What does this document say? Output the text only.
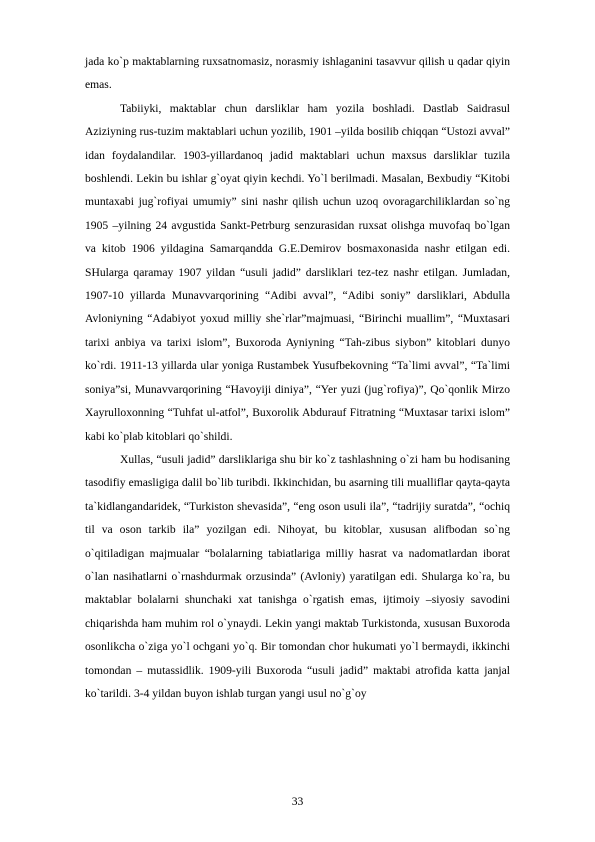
jada ko`p maktablarning ruxsatnomasiz, norasmiy ishlaganini tasavvur qilish u qadar qiyin emas.

Tabiiyki, maktablar chun darsliklar ham yozila boshladi. Dastlab Saidrasul Aziziyning rus-tuzim maktablari uchun yozilib, 1901 –yilda bosilib chiqqan “Ustozi avval” idan foydalandilar. 1903-yillardanoq jadid maktablari uchun maxsus darsliklar tuzila boshlendi. Lekin bu ishlar g`oyat qiyin kechdi. Yo`l berilmadi. Masalan, Bexbudiy “Kitobi muntaxabi jug`rofiyai umumiy” sini nashr qilish uchun uzoq ovoragarchiliklardan so`ng 1905 –yilning 24 avgustida Sankt-Petrburg senzurasidan ruxsat olishga muvofaq bo`lgan va kitob 1906 yildagina Samarqandda G.E.Demirov bosmaxonasida nashr etilgan edi. SHularga qaramay 1907 yildan “usuli jadid” darsliklari tez-tez nashr etilgan. Jumladan, 1907-10 yillarda Munavvarqorining “Adibi avval”, “Adibi soniy” darsliklari, Abdulla Avloniyning “Adabiyot yoxud milliy she`rlar”majmuasi, “Birinchi muallim”, “Muxtasari tarixi anbiya va tarixi islom”, Buxoroda Ayniyning “Tah-zibus siybon” kitoblari dunyo ko`rdi. 1911-13 yillarda ular yoniga Rustambek Yusufbekovning “Ta`limi avval”, “Ta`limi soniya”si, Munavvarqorining “Havoyiji diniya”, “Yer yuzi (jug`rofiya)”, Qo`qonlik Mirzo Xayrulloxonning “Tuhfat ul-atfol”, Buxorolik Abdurauf Fitratning “Muxtasar tarixi islom” kabi ko`plab kitoblari qo`shildi.

Xullas, “usuli jadid” darsliklariga shu bir ko`z tashlashning o`zi ham bu hodisaning tasodifiy emasligiga dalil bo`lib turibdi. Ikkinchidan, bu asarning tili mualliflar qayta-qayta ta`kidlangandaridek, “Turkiston shevasida”, “eng oson usuli ila”, “tadrijiy suratda”, “ochiq til va oson tarkib ila” yozilgan edi. Nihoyat, bu kitoblar, xususan alifbodan so`ng o`qitiladigan majmualar “bolalarning tabiatlariga milliy hasrat va nadomatlardan iborat o`lan nasihatlarni o`rnashdurmak orzusinda” (Avloniy) yaratilgan edi. Shularga ko`ra, bu maktablar bolalarni shunchaki xat tanishga o`rgatish emas, ijtimoiy –siyosiy savodini chiqarishda ham muhim rol o`ynaydi. Lekin yangi maktab Turkistonda, xususan Buxoroda osonlikcha o`ziga yo`l ochgani yo`q. Bir tomondan chor hukumati yo`l bermaydi, ikkinchi tomondan – mutassidlik. 1909-yili Buxoroda “usuli jadid” maktabi atrofida katta janjal ko`tarildi. 3-4 yildan buyon ishlab turgan yangi usul no`g`oy

33
